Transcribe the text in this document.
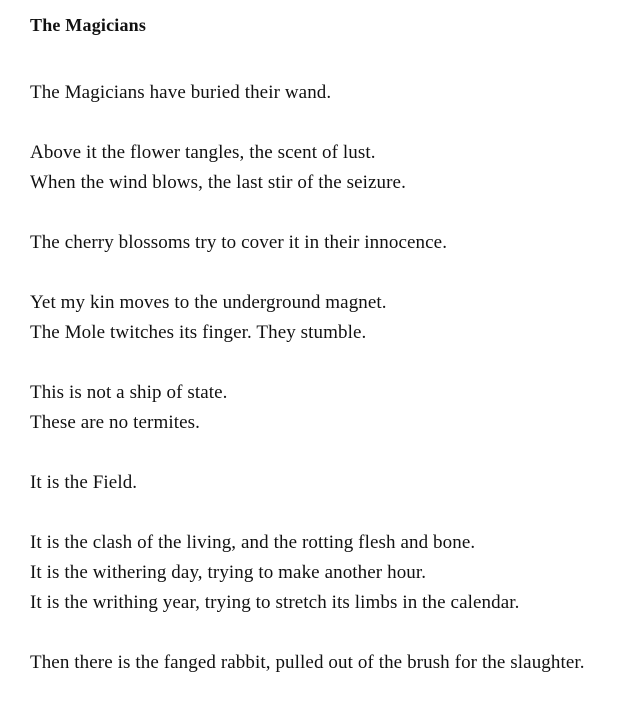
The Magicians

The Magicians have buried their wand.

Above it the flower tangles, the scent of lust.

When the wind blows, the last stir of the seizure.

The cherry blossoms try to cover it in their innocence.

Yet my kin moves to the underground magnet.

The Mole twitches its finger. They stumble.

This is not a ship of state.

These are no termites.

It is the Field.

It is the clash of the living, and the rotting flesh and bone.

It is the withering day, trying to make another hour.

It is the writhing year, trying to stretch its limbs in the calendar.

Then there is the fanged rabbit, pulled out of the brush for the slaughter.
